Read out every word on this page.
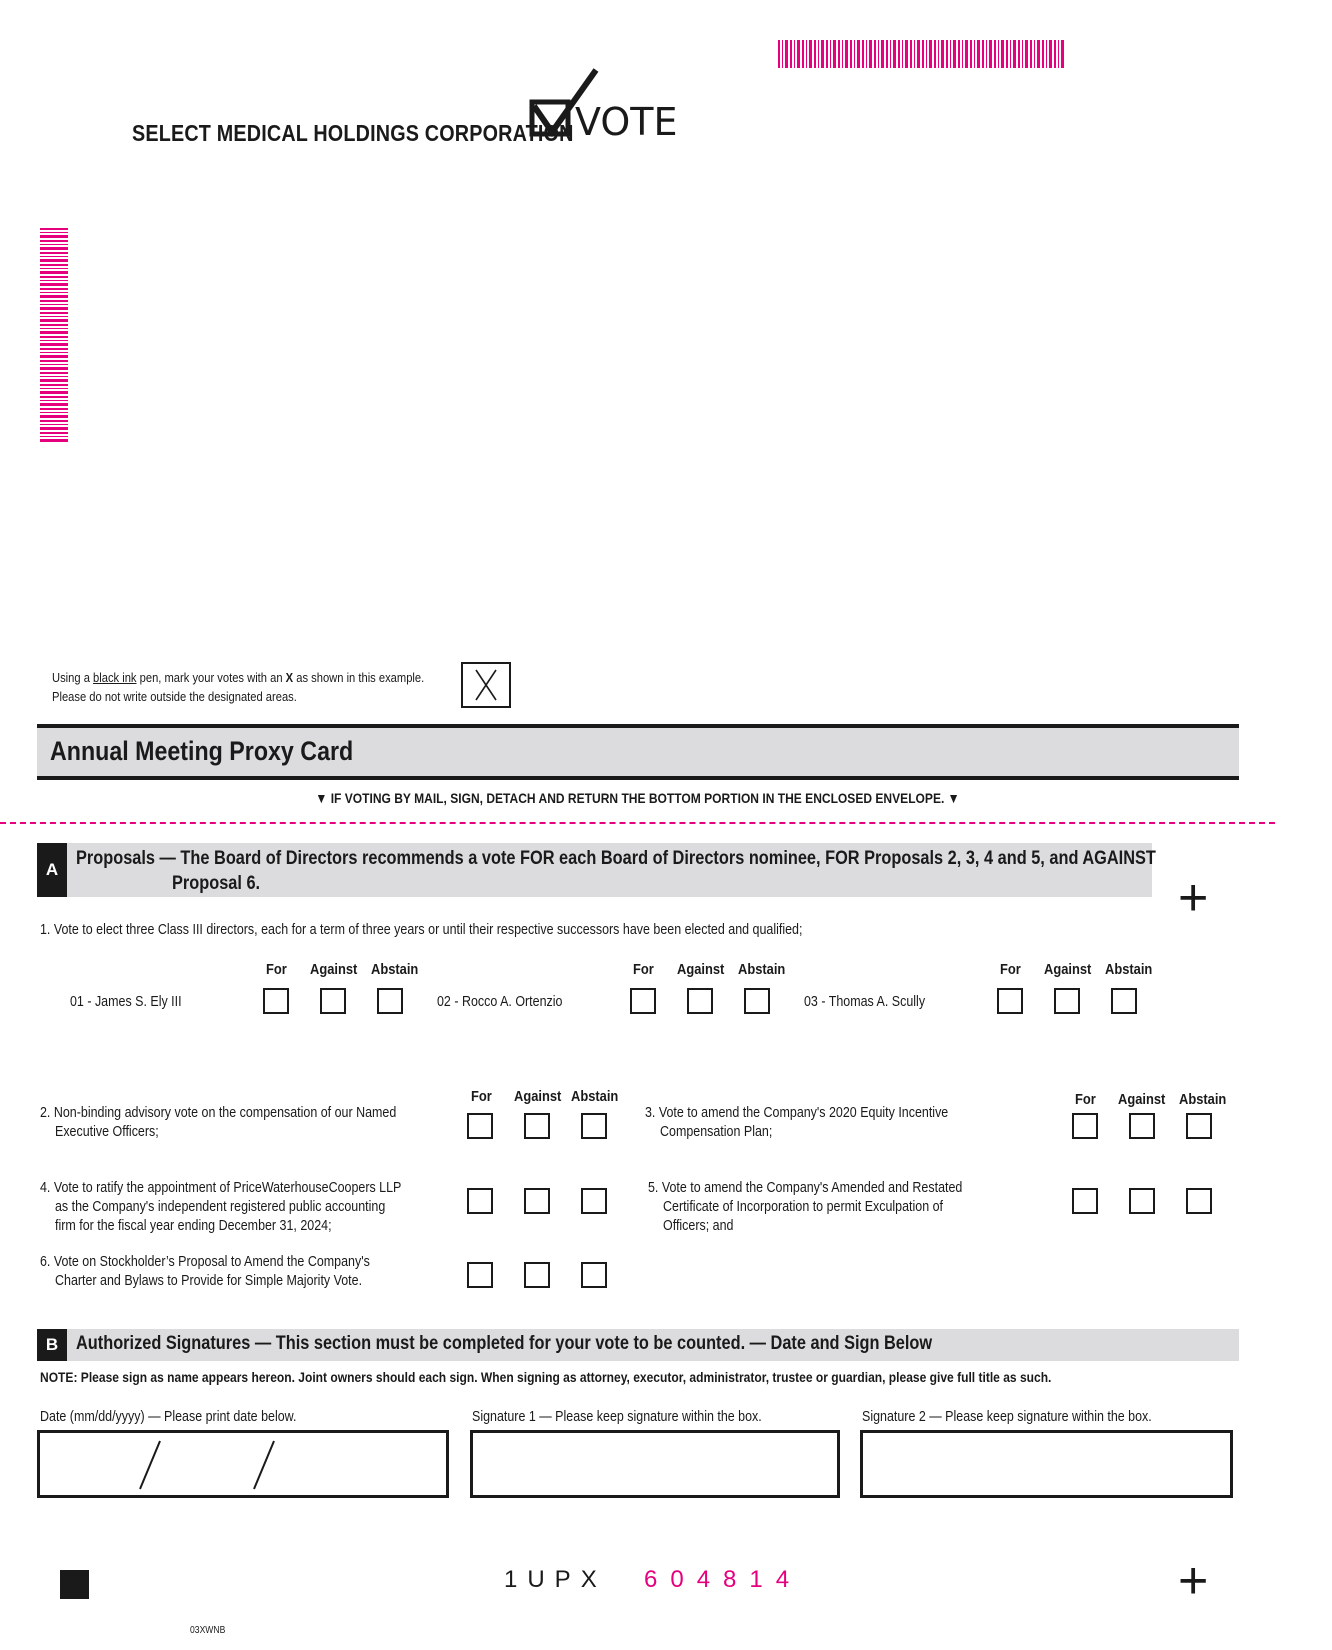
SELECT MEDICAL HOLDINGS CORPORATION VOTE
Using a black ink pen, mark your votes with an X as shown in this example.
Please do not write outside the designated areas.
Annual Meeting Proxy Card
▼ IF VOTING BY MAIL, SIGN, DETACH AND RETURN THE BOTTOM PORTION IN THE ENCLOSED ENVELOPE. ▼
A
Proposals — The Board of Directors recommends a vote FOR each Board of Directors nominee, FOR Proposals 2, 3, 4 and 5, and AGAINST
Proposal 6.	+
1. Vote to elect three Class III directors, each for a term of three years or until their respective successors have been elected and qualified;
For Against Abstain	For Against Abstain	For Against Abstain
01 - James S. Ely III	02 - Rocco A. Ortenzio	03 - Thomas A. Scully
For Against Abstain	For Against Abstain
2. Non-binding advisory vote on the compensation of our Named
Executive Officers;
3. Vote to amend the Company's 2020 Equity Incentive
Compensation Plan;
4. Vote to ratify the appointment of PriceWaterhouseCoopers LLP
as the Company's independent registered public accounting
firm for the fiscal year ending December 31, 2024;
5. Vote to amend the Company's Amended and Restated
Certificate of Incorporation to permit Exculpation of
Officers; and
6. Vote on Stockholder’s Proposal to Amend the Company's
Charter and Bylaws to Provide for Simple Majority Vote.
B Authorized Signatures — This section must be completed for your vote to be counted. — Date and Sign Below
NOTE: Please sign as name appears hereon. Joint owners should each sign. When signing as attorney, executor, administrator, trustee or guardian, please give full title as such.
Date (mm/dd/yyyy) — Please print date below.	Signature 1 — Please keep signature within the box.	Signature 2 — Please keep signature within the box.
1UPX 604814	+
03XWNB
